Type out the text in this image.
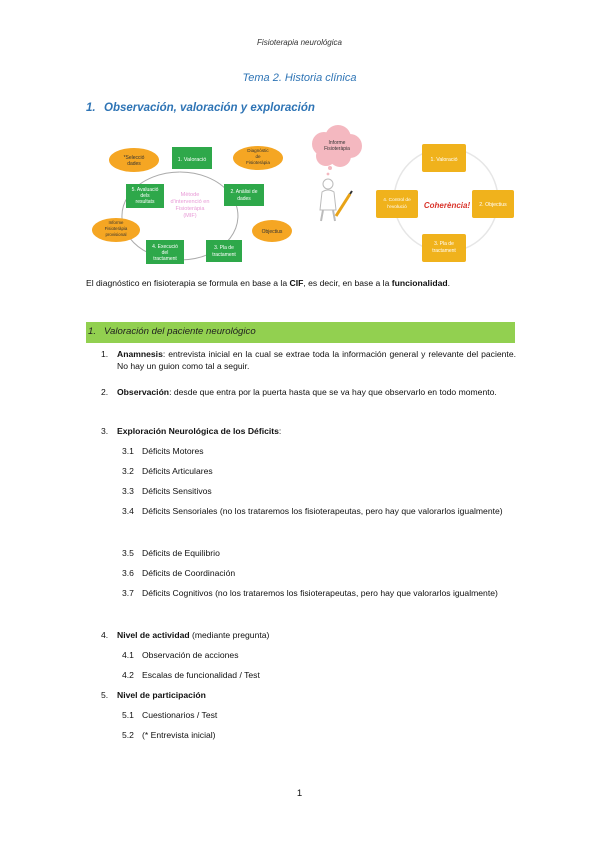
Fisioterapia neurológica
Tema 2. Historia clínica
1. Observación, valoración y exploración
Mètode d'intervenció en Fisioteràpia (MIF)
1. Valoració
2. Anàlisi de dades
3. Pla de tractament
4. Execució del tractament
5. Avaluació dels resultats
*Selecció dades
Diagnòstic de Fisioteràpia
Objectius
Informe Fisioteràpia provisional
Informe Fisioteràpia
1. Valoració
2. Objectius
3. Pla de tractament
4. Control de l'evolució	Coherència!
El diagnóstico en fisioterapia se formula en base a la CIF, es decir, en base a la funcionalidad.
1. Valoración del paciente neurológico
1.	Anamnesis: entrevista inicial en la cual se extrae toda la información general y relevante del paciente. No hay un guion como tal a seguir.
2.	Observación: desde que entra por la puerta hasta que se va hay que observarlo en todo momento.
3.	Exploración Neurológica de los Déficits:
3.1 Déficits Motores
3.2 Déficits Articulares
3.3 Déficits Sensitivos
3.4 Déficits Sensoriales (no los trataremos los fisioterapeutas, pero hay que valorarlos igualmente)
3.5 Déficits de Equilibrio
3.6 Déficits de Coordinación
3.7 Déficits Cognitivos (no los trataremos los fisioterapeutas, pero hay que valorarlos igualmente)
4.	Nivel de actividad (mediante pregunta)
4.1 Observación de acciones
4.2 Escalas de funcionalidad / Test
5.	Nivel de participación
5.1 Cuestionarios / Test
5.2 (* Entrevista inicial)
1
